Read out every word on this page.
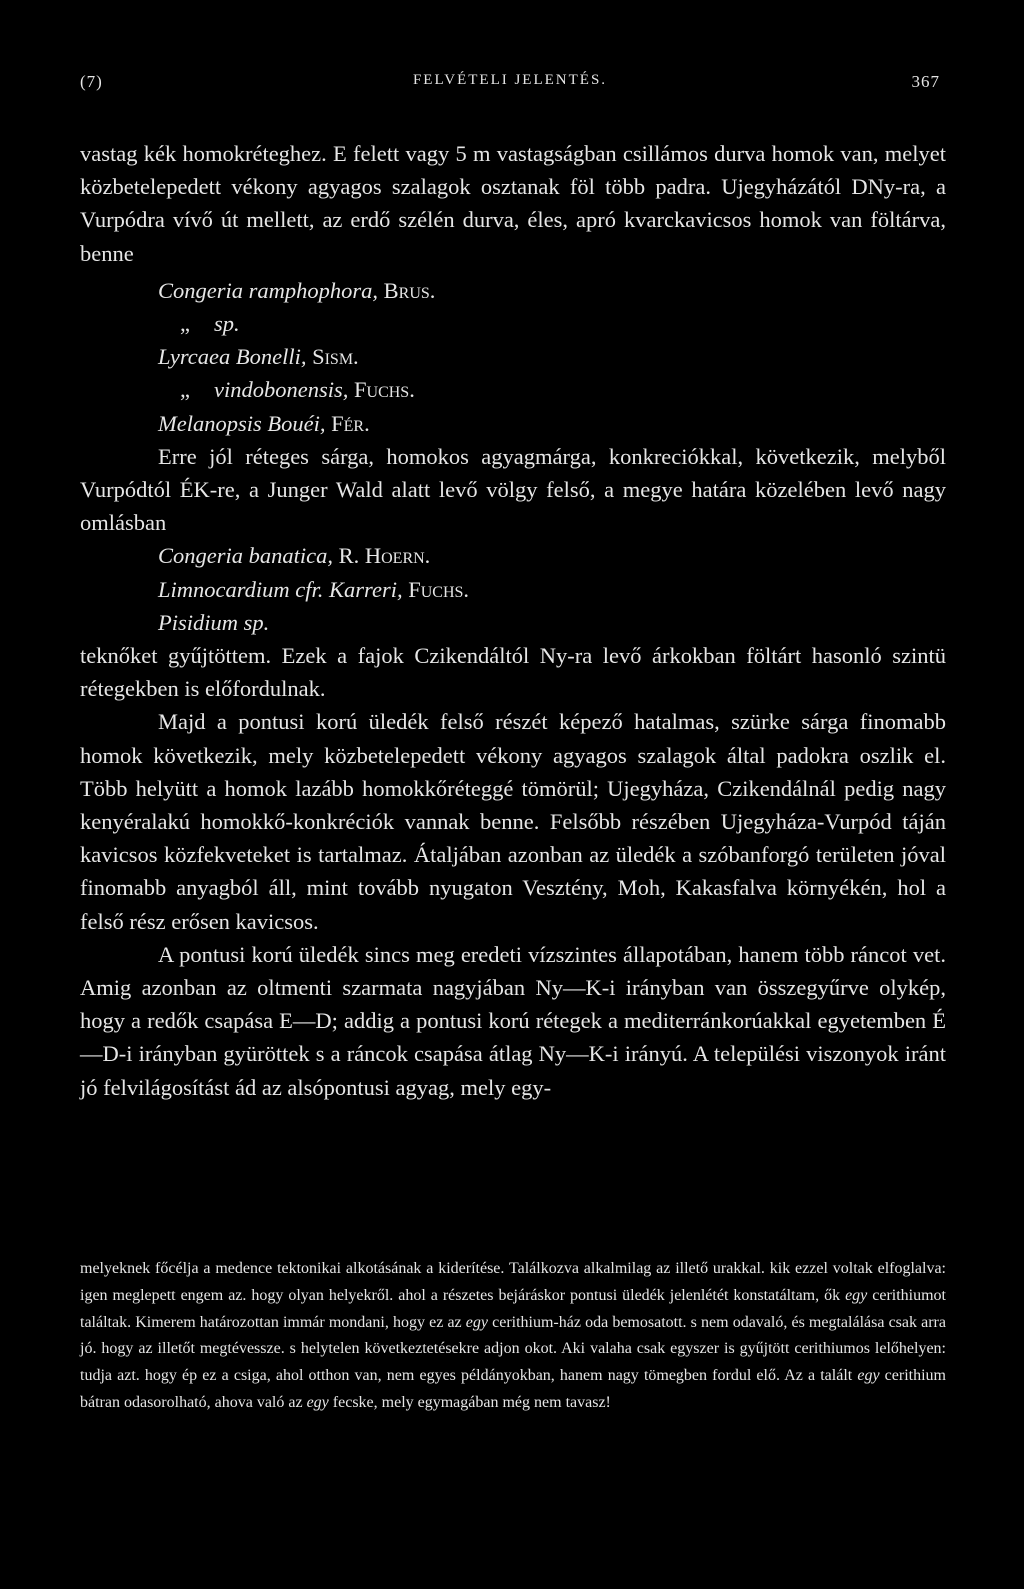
(7)	FELVÉTELI JELENTÉS.	367

vastag kék homokréteghez. E felett vagy 5 m vastagságban csillámos durva homok van, melyet közbetelepedett vékony agyagos szalagok osztanak föl több padra. Ujegyházától DNy-ra, a Vurpódra vívő út mellett, az erdő szélén durva, éles, apró kvarckavicsos homok van föltárva, benne

Congeria ramphophora, Brus.

„ sp.

Lyrcaea Bonelli, Sism.

„ vindobonensis, Fuchs.

Melanopsis Bouéi, Fér.

Erre jól réteges sárga, homokos agyagmárga, konkreciókkal, következik, melyből Vurpódtól ÉK-re, a Junger Wald alatt levő völgy felső, a megye határa közelében levő nagy omlásban

Congeria banatica, R. Hoern.

Limnocardium cfr. Karreri, Fuchs.

Pisidium sp.

teknőket gyűjtöttem. Ezek a fajok Czikendáltól Ny-ra levő árkokban föltárt hasonló szintü rétegekben is előfordulnak.

Majd a pontusi korú üledék felső részét képező hatalmas, szürke sárga finomabb homok következik, mely közbetelepedett vékony agyagos szalagok által padokra oszlik el. Több helyütt a homok lazább homokkőréteggé tömörül; Ujegyháza, Czikendálnál pedig nagy kenyéralakú homokkő-konkréciók vannak benne. Felsőbb részében Ujegyháza-Vurpód táján kavicsos közfekveteket is tartalmaz. Átaljában azonban az üledék a szóbanforgó területen jóval finomabb anyagból áll, mint tovább nyugaton Vesztény, Moh, Kakasfalva környékén, hol a felső rész erősen kavicsos.

A pontusi korú üledék sincs meg eredeti vízszintes állapotában, hanem több ráncot vet. Amig azonban az oltmenti szarmata nagyjában Ny—K-i irányban van összegyűrve olykép, hogy a redők csapása E—D; addig a pontusi korú rétegek a mediterránkorúakkal egyetemben É—D-i irányban gyüröttek s a ráncok csapása átlag Ny—K-i irányú. A települési viszonyok iránt jó felvilágosítást ád az alsópontusi agyag, mely egy-

melyeknek főcélja a medence tektonikai alkotásának a kiderítése. Találkozva alkalmilag az illető urakkal. kik ezzel voltak elfoglalva: igen meglepett engem az. hogy olyan helyekről. ahol a részetes bejáráskor pontusi üledék jelenlétét konstatáltam, ők egy cerithiumot találtak. Kimerem határozottan immár mondani, hogy ez az egy cerithium-ház oda bemosatott. s nem odavaló, és megtalálása csak arra jó. hogy az illetőt megtévessze. s helytelen következtetésekre adjon okot. Aki valaha csak egyszer is gyűjtött cerithiumos lelőhelyen: tudja azt. hogy ép ez a csiga, ahol otthon van, nem egyes példányokban, hanem nagy tömegben fordul elő. Az a talált egy cerithium bátran odasorolható, ahova való az egy fecske, mely egymagában még nem tavasz!
